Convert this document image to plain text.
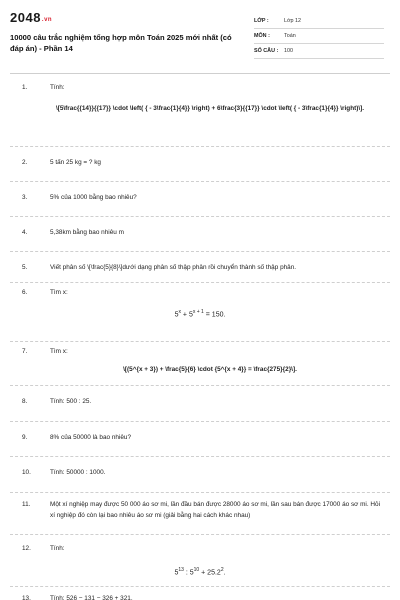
2048.vn
10000 câu trắc nghiệm tổng hợp môn Toán 2025 mới nhất (có đáp án) - Phần 14
LỚP :	Lớp 12
MÔN :	Toán
SỐ CÂU :	100
1.	Tính:
\[5\frac{{14}}{{17}} \cdot \left( { - 3\frac{1}{4}} \right) + 6\frac{3}{{17}} \cdot \left( { - 3\frac{1}{4}} \right)\].
2.	5 tấn 25 kg = ? kg
3.	5% của 1000 bằng bao nhiêu?
4.	5,38km bằng bao nhiêu m
5.	Viết phân số \[\frac{5}{8}\]dưới dạng phân số thập phân rồi chuyển thành số thập phân.
6.	Tìm x:
$5^x + 5^{x + 1} = 150$.
7.	Tìm x:
\[(5^{x + 3}) + \frac{5}{6} \cdot {5^{x + 4}} = \frac{275}{2}\].
8.	Tính: 500 : 25.
9.	8% của 50000 là bao nhiêu?
10.	Tính: 50000 : 1000.
11.	Một xí nghiệp may được 50 000 áo sơ mi, lần đầu bán được 28000 áo sơ mi, lần sau bán được 17000 áo sơ mi. Hỏi xí nghiệp đó còn lại bao nhiêu áo sơ mi (giải bằng hai cách khác nhau)
12.	Tính:
$5^{13}$ : $5^{10} + 25.2^2$.
13.	Tính: 526 − 131 − 326 + 321.
